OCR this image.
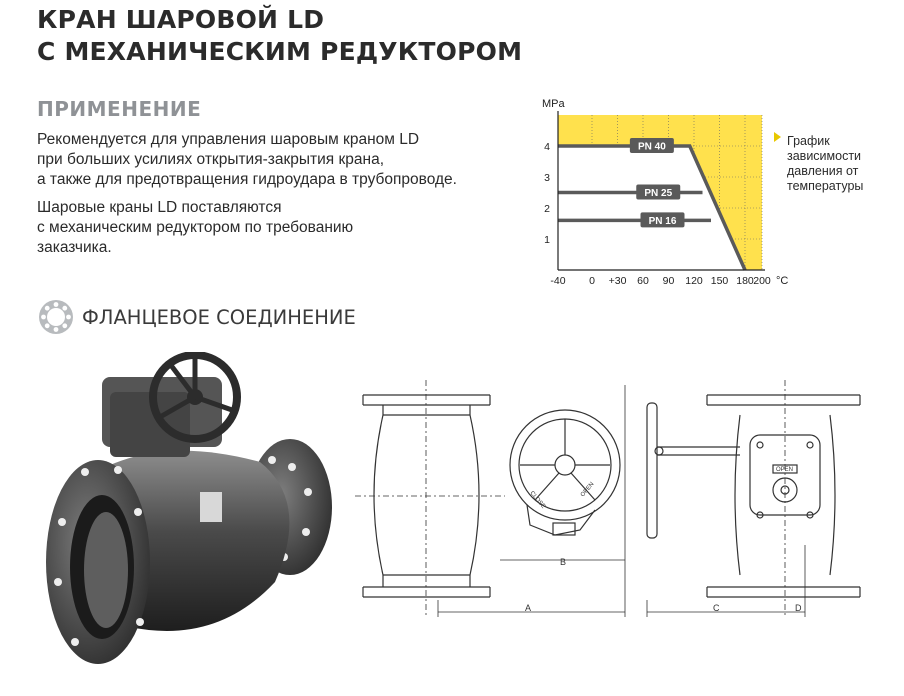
КРАН ШАРОВОЙ LD
С МЕХАНИЧЕСКИМ РЕДУКТОРОМ
ПРИМЕНЕНИЕ
Рекомендуется для управления шаровым краном LD
при больших усилиях открытия-закрытия крана,
а также для предотвращения гидроудара в трубопроводе.
Шаровые краны LD поставляются
с механическим редуктором по требованию
заказчика.
ФЛАНЦЕВОЕ СОЕДИНЕНИЕ
PN 40
PN 25
PN 16
MPa
°C
-40 0 +30 60 90 120 150 180 200
1
2
3
4	График
зависимости
давления от
температуры
B
OPEN
CLOSE
A
OPEN
C	D
